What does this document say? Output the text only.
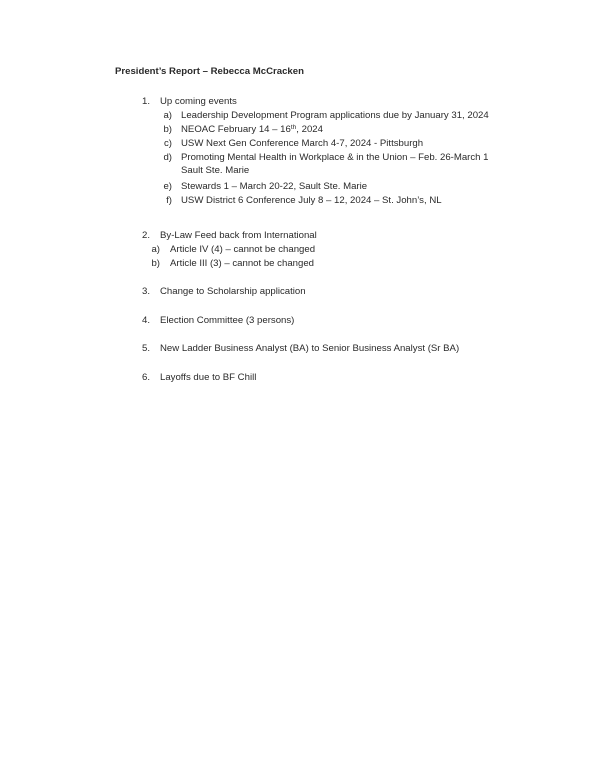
President’s Report – Rebecca McCracken
1. Up coming events
a) Leadership Development Program applications due by January 31, 2024
b) NEOAC February 14 – 16th, 2024
c) USW Next Gen Conference March 4-7, 2024 - Pittsburgh
d) Promoting Mental Health in Workplace & in the Union – Feb. 26-March 1
Sault Ste. Marie
e) Stewards 1 – March 20-22, Sault Ste. Marie
f) USW District 6 Conference July 8 – 12, 2024 – St. John’s, NL
2. By-Law Feed back from International
a) Article IV (4) – cannot be changed
b) Article III (3) – cannot be changed
3. Change to Scholarship application
4. Election Committee (3 persons)
5. New Ladder Business Analyst (BA) to Senior Business Analyst (Sr BA)
6. Layoffs due to BF Chill
